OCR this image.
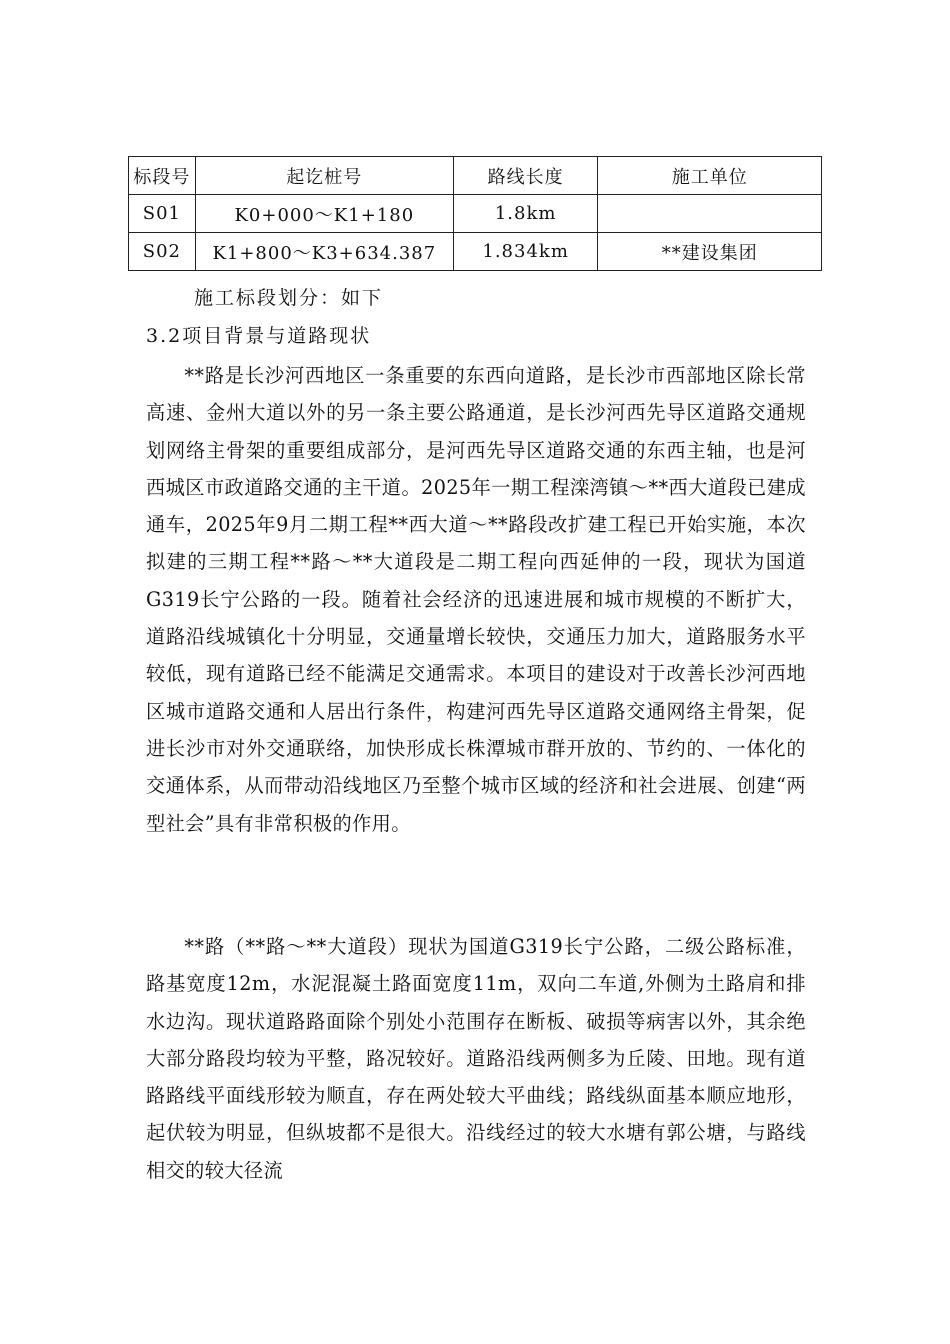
标段号	起讫桩号	路线长度	施工单位
S01	K0+000～K1+180	1.8km	
S02	K1+800～K3+634.387	1.834km	**建设集团
施工标段划分：如下
3.2项目背景与道路现状

**路是长沙河西地区一条重要的东西向道路，是长沙市西部地区除长常高速、金州大道以外的另一条主要公路通道，是长沙河西先导区道路交通规划网络主骨架的重要组成部分，是河西先导区道路交通的东西主轴，也是河西城区市政道路交通的主干道。2025年一期工程滦湾镇～**西大道段已建成通车，2025年9月二期工程**西大道～**路段改扩建工程已开始实施，本次拟建的三期工程**路～**大道段是二期工程向西延伸的一段，现状为国道G319长宁公路的一段。随着社会经济的迅速进展和城市规模的不断扩大，道路沿线城镇化十分明显，交通量增长较快，交通压力加大，道路服务水平较低，现有道路已经不能满足交通需求。本项目的建设对于改善长沙河西地区城市道路交通和人居出行条件，构建河西先导区道路交通网络主骨架，促进长沙市对外交通联络，加快形成长株潭城市群开放的、节约的、一体化的交通体系，从而带动沿线地区乃至整个城市区域的经济和社会进展、创建“两型社会”具有非常积极的作用。

**路（**路～**大道段）现状为国道G319长宁公路，二级公路标准，路基宽度12m，水泥混凝土路面宽度11m，双向二车道,外侧为土路肩和排水边沟。现状道路路面除个别处小范围存在断板、破损等病害以外，其余绝大部分路段均较为平整，路况较好。道路沿线两侧多为丘陵、田地。现有道路路线平面线形较为顺直，存在两处较大平曲线；路线纵面基本顺应地形，起伏较为明显，但纵坡都不是很大。沿线经过的较大水塘有郭公塘，与路线相交的较大径流
